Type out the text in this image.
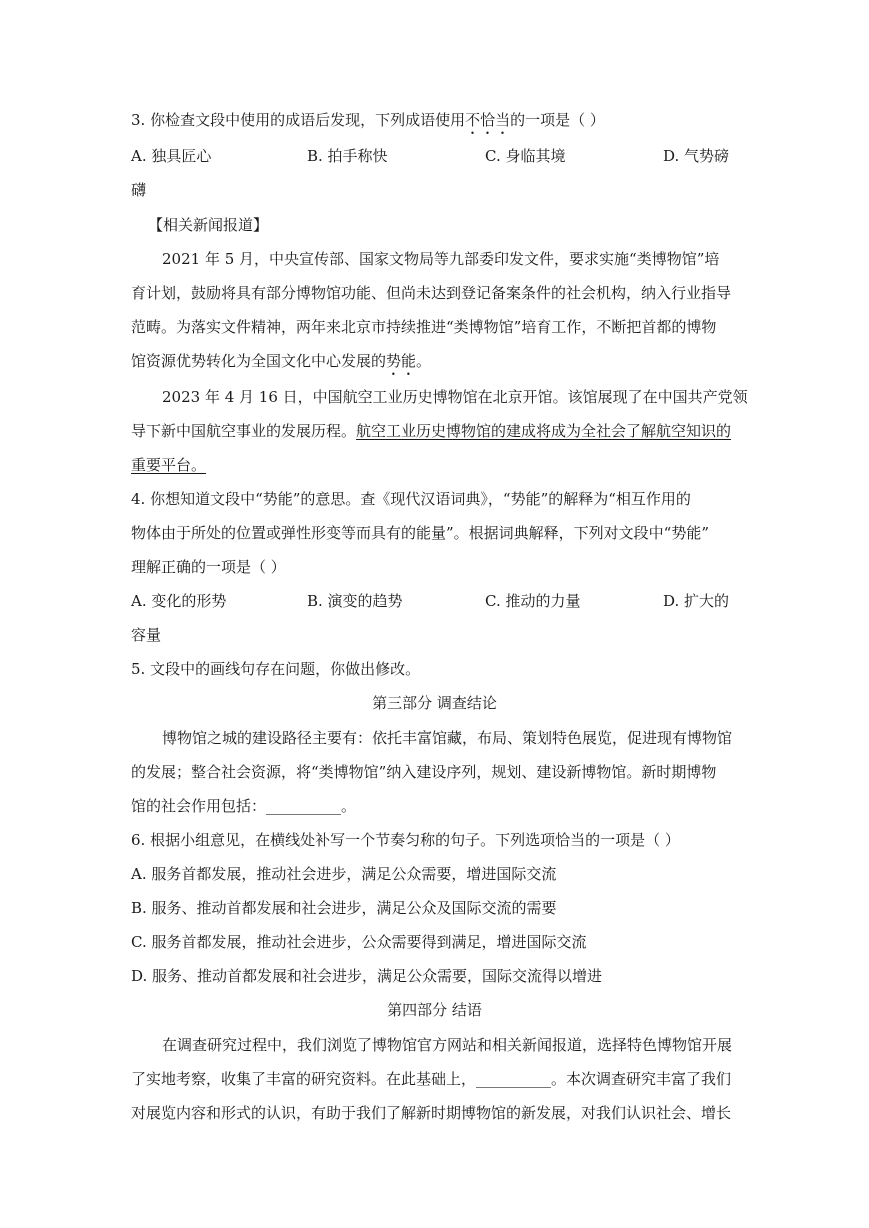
3. 你检查文段中使用的成语后发现，下列成语使用不恰当的一项是（ ）
A. 独具匠心	B. 拍手称快	C. 身临其境	D. 气势磅
礴
【相关新闻报道】
2021 年 5 月，中央宣传部、国家文物局等九部委印发文件，要求实施“类博物馆”培
育计划，鼓励将具有部分博物馆功能、但尚未达到登记备案条件的社会机构，纳入行业指导
范畴。为落实文件精神，两年来北京市持续推进“类博物馆”培育工作，不断把首都的博物
馆资源优势转化为全国文化中心发展的势能。
2023 年 4 月 16 日，中国航空工业历史博物馆在北京开馆。该馆展现了在中国共产党领
导下新中国航空事业的发展历程。航空工业历史博物馆的建成将成为全社会了解航空知识的
重要平台。
4. 你想知道文段中“势能”的意思。查《现代汉语词典》，“势能”的解释为“相互作用的
物体由于所处的位置或弹性形变等而具有的能量”。根据词典解释，下列对文段中“势能”
理解正确的一项是（ ）
A. 变化的形势	B. 演变的趋势	C. 推动的力量	D. 扩大的
容量
5. 文段中的画线句存在问题，你做出修改。
第三部分 调查结论
博物馆之城的建设路径主要有：依托丰富馆藏，布局、策划特色展览，促进现有博物馆
的发展；整合社会资源，将“类博物馆”纳入建设序列，规划、建设新博物馆。新时期博物
馆的社会作用包括：__________。
6. 根据小组意见，在横线处补写一个节奏匀称的句子。下列选项恰当的一项是（ ）
A. 服务首都发展，推动社会进步，满足公众需要，增进国际交流
B. 服务、推动首都发展和社会进步，满足公众及国际交流的需要
C. 服务首都发展，推动社会进步，公众需要得到满足，增进国际交流
D. 服务、推动首都发展和社会进步，满足公众需要，国际交流得以增进
第四部分 结语
在调查研究过程中，我们浏览了博物馆官方网站和相关新闻报道，选择特色博物馆开展
了实地考察，收集了丰富的研究资料。在此基础上，__________。本次调查研究丰富了我们
对展览内容和形式的认识，有助于我们了解新时期博物馆的新发展，对我们认识社会、增长
